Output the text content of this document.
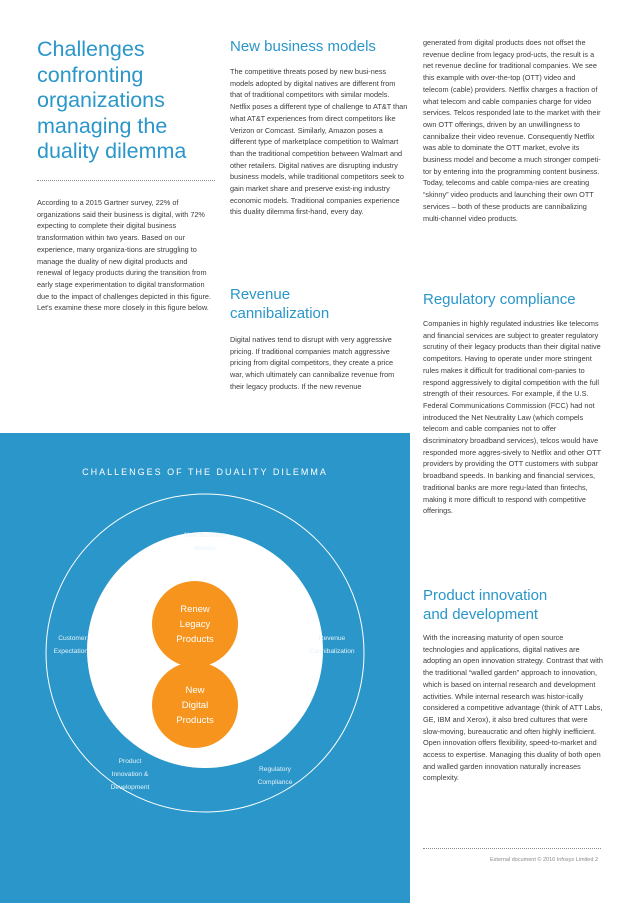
Challenges
confronting
organizations
managing the
duality dilemma

According to a 2015 Gartner survey, 22% of organizations said their business is digital, with 72% expecting to complete their digital business transformation within two years. Based on our experience, many organiza-tions are struggling to manage the duality of new digital products and renewal of legacy products during the transition from early stage experimentation to digital transformation due to the impact of challenges depicted in this figure. Let's examine these more closely in this figure below.

New business models

The competitive threats posed by new busi-ness models adopted by digital natives are different from that of traditional competitors with similar models. Netflix poses a different type of challenge to AT&T than what AT&T experiences from direct competitors like Verizon or Comcast. Similarly, Amazon poses a different type of marketplace competition to Walmart than the traditional competition between Walmart and other retailers. Digital natives are disrupting industry business models, while traditional competitors seek to gain market share and preserve exist-ing industry economic models. Traditional companies experience this duality dilemma first-hand, every day.

Revenue
cannibalization

Digital natives tend to disrupt with very aggressive pricing. If traditional companies match aggressive pricing from digital competitors, they create a price war, which ultimately can cannibalize revenue from their legacy products. If the new revenue

generated from digital products does not offset the revenue decline from legacy prod-ucts, the result is a net revenue decline for traditional companies. We see this example with over-the-top (OTT) video and telecom (cable) providers. Netflix charges a fraction of what telecom and cable companies charge for video services. Telcos responded late to the market with their own OTT offerings, driven by an unwillingness to cannibalize their video revenue. Consequently Netflix was able to dominate the OTT market, evolve its business model and become a much stronger competi-tor by entering into the programming content business. Today, telecoms and cable compa-nies are creating “skinny” video products and launching their own OTT services – both of these products are cannibalizing multi-channel video products.

Regulatory compliance

Companies in highly regulated industries like telecoms and financial services are subject to greater regulatory scrutiny of their legacy products than their digital native competitors. Having to operate under more stringent rules makes it difficult for traditional com-panies to respond aggressively to digital competition with the full strength of their resources. For example, if the U.S. Federal Communications Commission (FCC) had not introduced the Net Neutrality Law (which compels telecom and cable companies not to offer discriminatory broadband services), telcos would have responded more aggres-sively to Netflix and other OTT providers by providing the OTT customers with subpar broadband speeds. In banking and financial services, traditional banks are more regu-lated than fintechs, making it more difficult to respond with competitive offerings.

Product innovation
and development

With the increasing maturity of open source technologies and applications, digital natives are adopting an open innovation strategy. Contrast that with the traditional “walled garden” approach to innovation, which is based on internal research and development activities. While internal research was histor-ically considered a competitive advantage (think of ATT Labs, GE, IBM and Xerox), it also bred cultures that were slow-moving, bureaucratic and often highly inefficient. Open innovation offers flexibility, speed-to-market and access to expertise. Managing this duality of both open and walled garden innovation naturally increases complexity.

External document © 2016 Infosys Limited 2
CHALLENGES OF THE DUALITY DILEMMA
New Business
Models
Customer
Expectations
Revenue
Cannibalization
Product
Innovation &
Development
Regulatory
Compliance
Renew
Legacy
Products
New
Digital
Products
